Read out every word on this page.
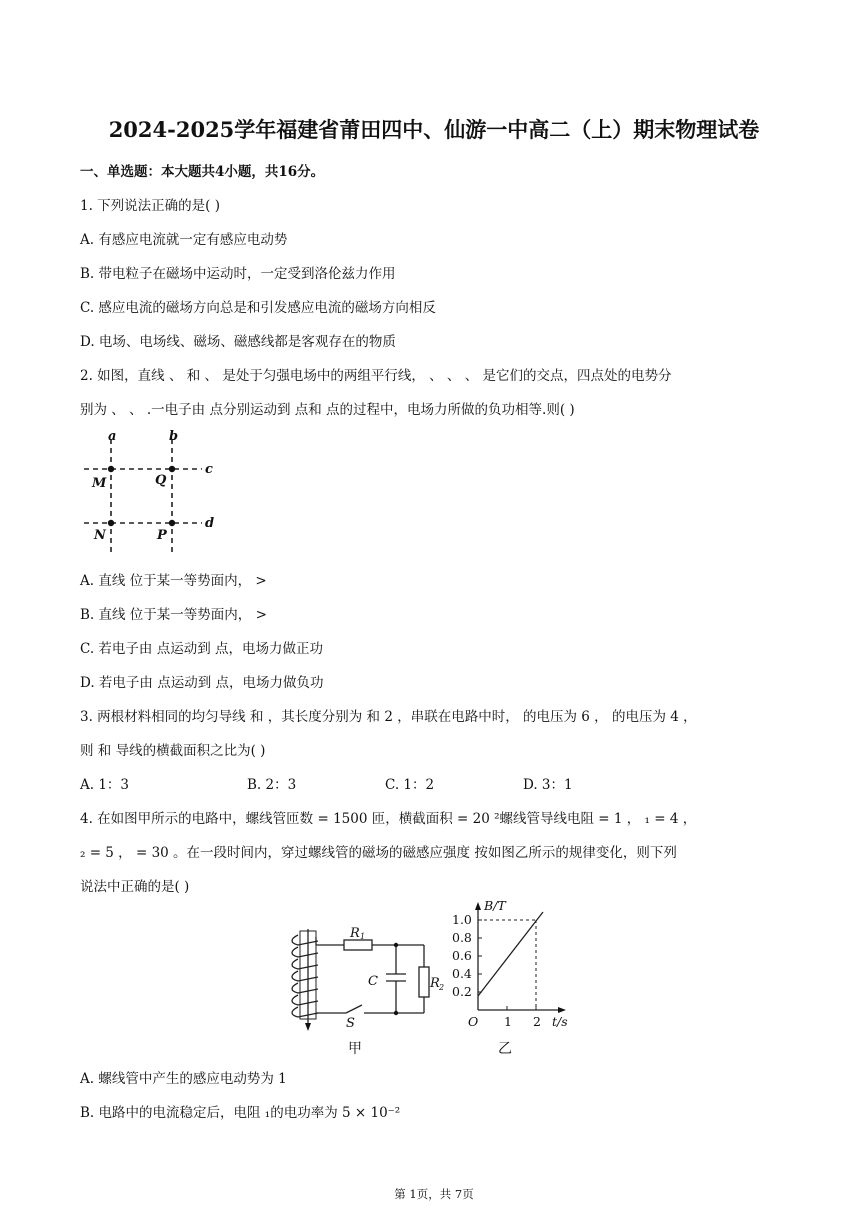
2024-2025学年福建省莆田四中、仙游一中高二（上）期末物理试卷
一、单选题：本大题共4小题，共16分。
1. 下列说法正确的是( )
A. 有感应电流就一定有感应电动势
B. 带电粒子在磁场中运动时，一定受到洛伦兹力作用
C. 感应电流的磁场方向总是和引发感应电流的磁场方向相反
D. 电场、电场线、磁场、磁感线都是客观存在的物质
2. 如图，直线 、 和 、 是处于匀强电场中的两组平行线， 、 、 、 是它们的交点，四点处的电势分
别为 、 、 .一电子由 点分别运动到 点和 点的过程中，电场力所做的负功相等.则( )
a	b
c
d
M	Q
N	P
A. 直线 位于某一等势面内， >
B. 直线 位于某一等势面内， >
C. 若电子由 点运动到 点，电场力做正功
D. 若电子由 点运动到 点，电场力做负功
3. 两根材料相同的均匀导线 和 ，其长度分别为 和 2 ，串联在电路中时， 的电压为 6 ， 的电压为 4 ，
则 和 导线的横截面积之比为( )
A. 1：3	B. 2：3	C. 1：2	D. 3：1
4. 在如图甲所示的电路中，螺线管匝数 = 1500 匝，横截面积 = 20 ²螺线管导线电阻 = 1 ， ₁ = 4 ，
₂ = 5 ， = 30 。在一段时间内，穿过螺线管的磁场的磁感应强度 按如图乙所示的规律变化，则下列
说法中正确的是( )
R 1
C	R 2
S
甲
B/T
1.0
0.8
0.6
0.4
0.2
O 1 2 t/s
乙
A. 螺线管中产生的感应电动势为 1
B. 电路中的电流稳定后，电阻 ₁的电功率为 5 × 10⁻²
第 1页，共 7页
